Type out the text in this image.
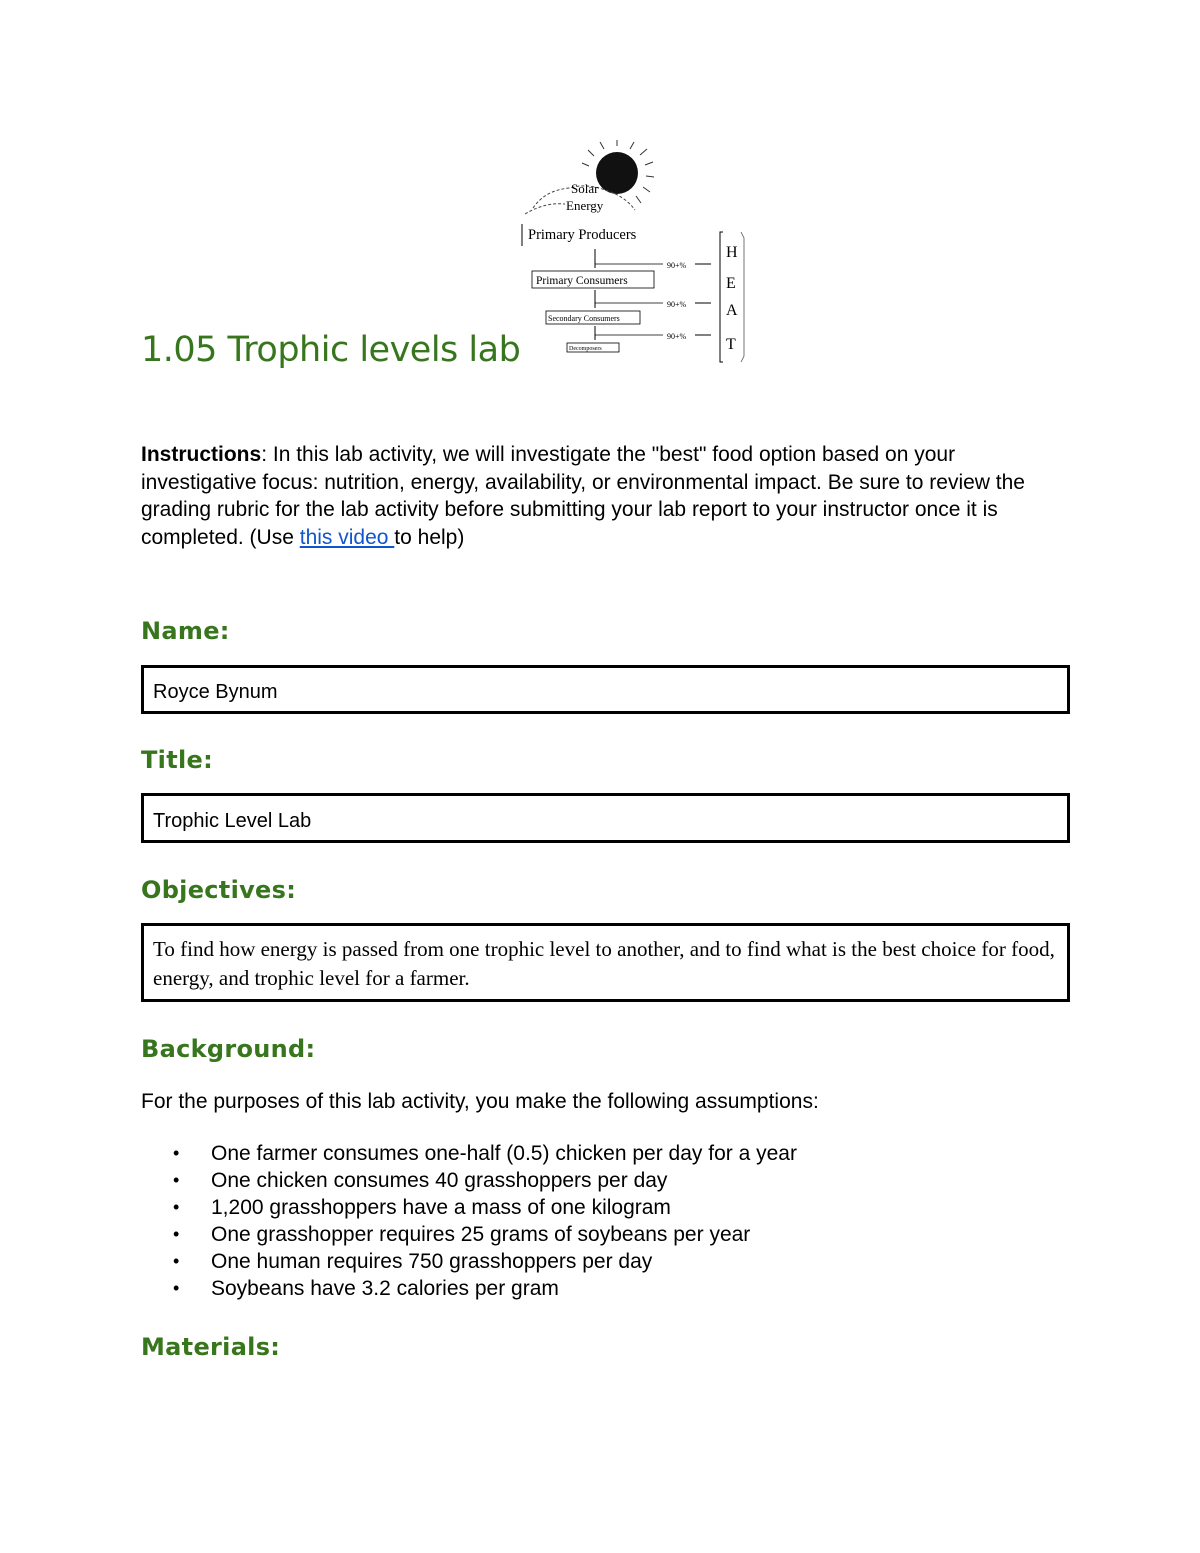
1.05 Trophic levels lab
Solar
Energy
Primary Producers
90+%
Primary Consumers
90+%
Secondary Consumers
90+%
Decomposers
H
E
A
T

Instructions: In this lab activity, we will investigate the "best" food option based on your investigative focus: nutrition, energy, availability, or environmental impact. Be sure to review the grading rubric for the lab activity before submitting your lab report to your instructor once it is completed. (Use this video to help)

Name:
Royce Bynum
Title:
Trophic Level Lab
Objectives:
To find how energy is passed from one trophic level to another, and to find what is the best choice for food, energy, and trophic level for a farmer.
Background:

For the purposes of this lab activity, you make the following assumptions:

• One farmer consumes one-half (0.5) chicken per day for a year
• One chicken consumes 40 grasshoppers per day
• 1,200 grasshoppers have a mass of one kilogram
• One grasshopper requires 25 grams of soybeans per year
• One human requires 750 grasshoppers per day
• Soybeans have 3.2 calories per gram
Materials:
